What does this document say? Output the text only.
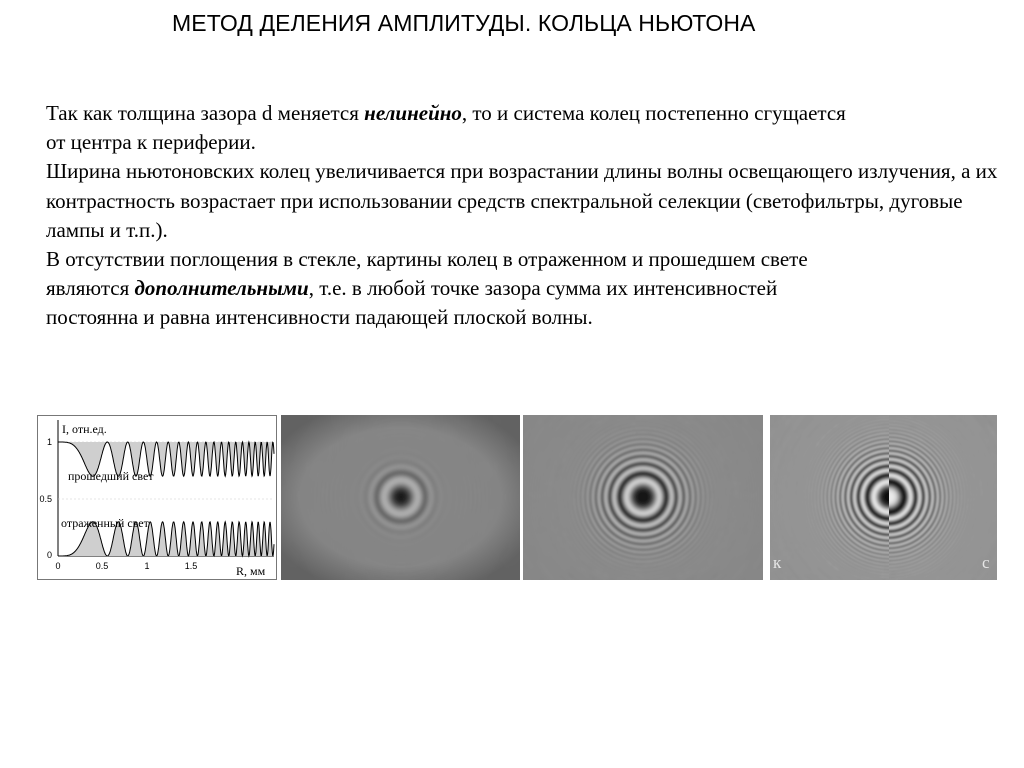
МЕТОД ДЕЛЕНИЯ АМПЛИТУДЫ. КОЛЬЦА НЬЮТОНА

Так как толщина зазора d меняется нелинейно, то и система колец постепенно сгущается
от центра к периферии.

Ширина ньютоновских колец увеличивается при возрастании длины волны освещающего излучения, а их контрастность возрастает при использовании средств спектральной селекции (светофильтры, дуговые лампы и т.п.).

В отсутствии поглощения в стекле, картины колец в отраженном и прошедшем свете
являются дополнительными, т.е. в любой точке зазора сумма их интенсивностей
постоянна и равна интенсивности падающей плоской волны.

I, отн.ед.
R, мм
прошедший свет
отраженный свет
1
0.5
0
0	0.5	1	1.5	к	с
